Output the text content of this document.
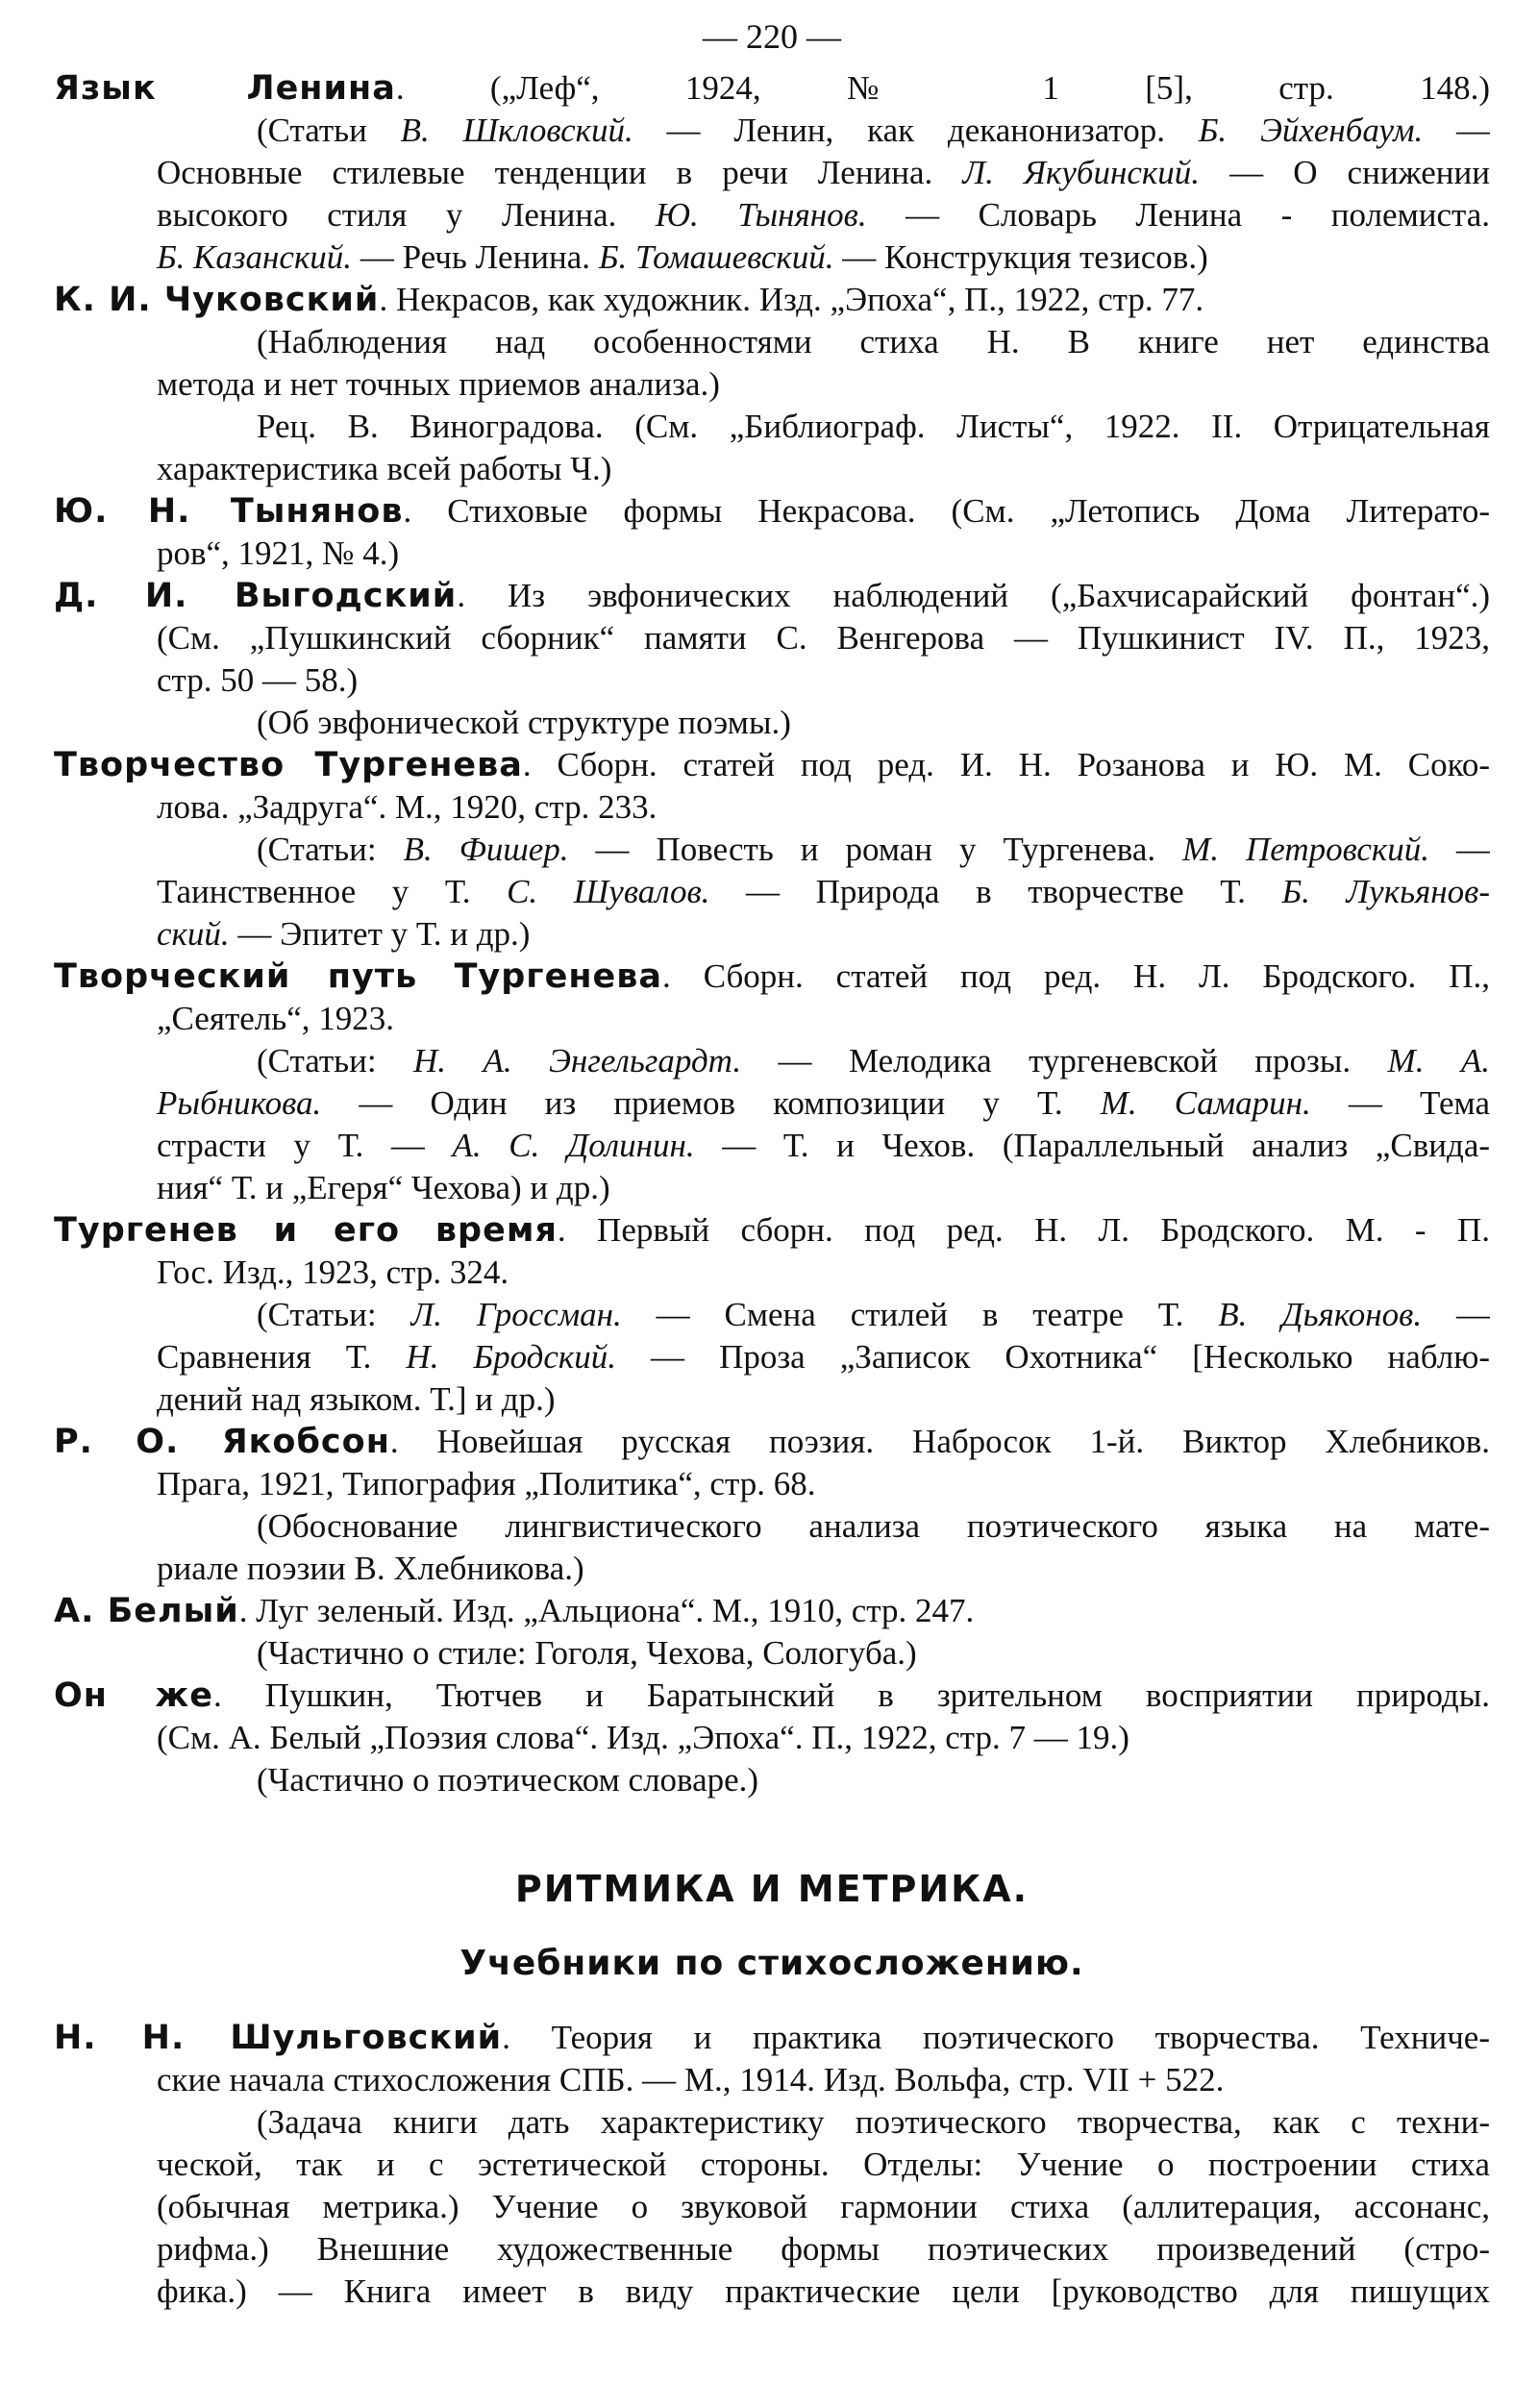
— 220 —
Язык Ленина. („Леф“, 1924, № 1 [5], стр. 148.)
(Статьи В. Шкловский. — Ленин, как деканонизатор. Б. Эйхенбаум. —
Основные стилевые тенденции в речи Ленина. Л. Якубинский. — О снижении
высокого стиля у Ленина. Ю. Тынянов. — Словарь Ленина - полемиста.
Б. Казанский. — Речь Ленина. Б. Томашевский. — Конструкция тезисов.)
К. И. Чуковский. Некрасов, как художник. Изд. „Эпоха“, П., 1922, стр. 77.
(Наблюдения над особенностями стиха Н. В книге нет единства
метода и нет точных приемов анализа.)
Рец. В. Виноградова. (См. „Библиограф. Листы“, 1922. II. Отрицательная
характеристика всей работы Ч.)
Ю. Н. Тынянов. Стиховые формы Некрасова. (См. „Летопись Дома Литерато-
ров“, 1921, № 4.)
Д. И. Выгодский. Из эвфонических наблюдений („Бахчисарайский фонтан“.)
(См. „Пушкинский сборник“ памяти С. Венгерова — Пушкинист IV. П., 1923,
стр. 50 — 58.)
(Об эвфонической структуре поэмы.)
Творчество Тургенева. Сборн. статей под ред. И. Н. Розанова и Ю. М. Соко-
лова. „Задруга“. М., 1920, стр. 233.
(Статьи: В. Фишер. — Повесть и роман у Тургенева. М. Петровский. —
Таинственное у Т. С. Шувалов. — Природа в творчестве Т. Б. Лукьянов-
ский. — Эпитет у Т. и др.)
Творческий путь Тургенева. Сборн. статей под ред. Н. Л. Бродского. П.,
„Сеятель“, 1923.
(Статьи: Н. А. Энгельгардт. — Мелодика тургеневской прозы. М. А.
Рыбникова. — Один из приемов композиции у Т. М. Самарин. — Тема
страсти у Т. — А. С. Долинин. — Т. и Чехов. (Параллельный анализ „Свида-
ния“ Т. и „Егеря“ Чехова) и др.)
Тургенев и его время. Первый сборн. под ред. Н. Л. Бродского. М. - П.
Гос. Изд., 1923, стр. 324.
(Статьи: Л. Гроссман. — Смена стилей в театре Т. В. Дьяконов. —
Сравнения Т. Н. Бродский. — Проза „Записок Охотника“ [Несколько наблю-
дений над языком. Т.] и др.)
Р. О. Якобсон. Новейшая русская поэзия. Набросок 1-й. Виктор Хлебников.
Прага, 1921, Типография „Политика“, стр. 68.
(Обоснование лингвистического анализа поэтического языка на мате-
риале поэзии В. Хлебникова.)
А. Белый. Луг зеленый. Изд. „Альциона“. М., 1910, стр. 247.
(Частично о стиле: Гоголя, Чехова, Сологуба.)
Он же. Пушкин, Тютчев и Баратынский в зрительном восприятии природы.
(См. А. Белый „Поэзия слова“. Изд. „Эпоха“. П., 1922, стр. 7 — 19.)
(Частично о поэтическом словаре.)
РИТМИКА И МЕТРИКА.
Учебники по стихосложению.
Н. Н. Шульговский. Теория и практика поэтического творчества. Техниче-
ские начала стихосложения СПБ. — М., 1914. Изд. Вольфа, стр. VII + 522.
(Задача книги дать характеристику поэтического творчества, как с техни-
ческой, так и с эстетической стороны. Отделы: Учение о построении стиха
(обычная метрика.) Учение о звуковой гармонии стиха (аллитерация, ассонанс,
рифма.) Внешние художественные формы поэтических произведений (стро-
фика.) — Книга имеет в виду практические цели [руководство для пишущих
